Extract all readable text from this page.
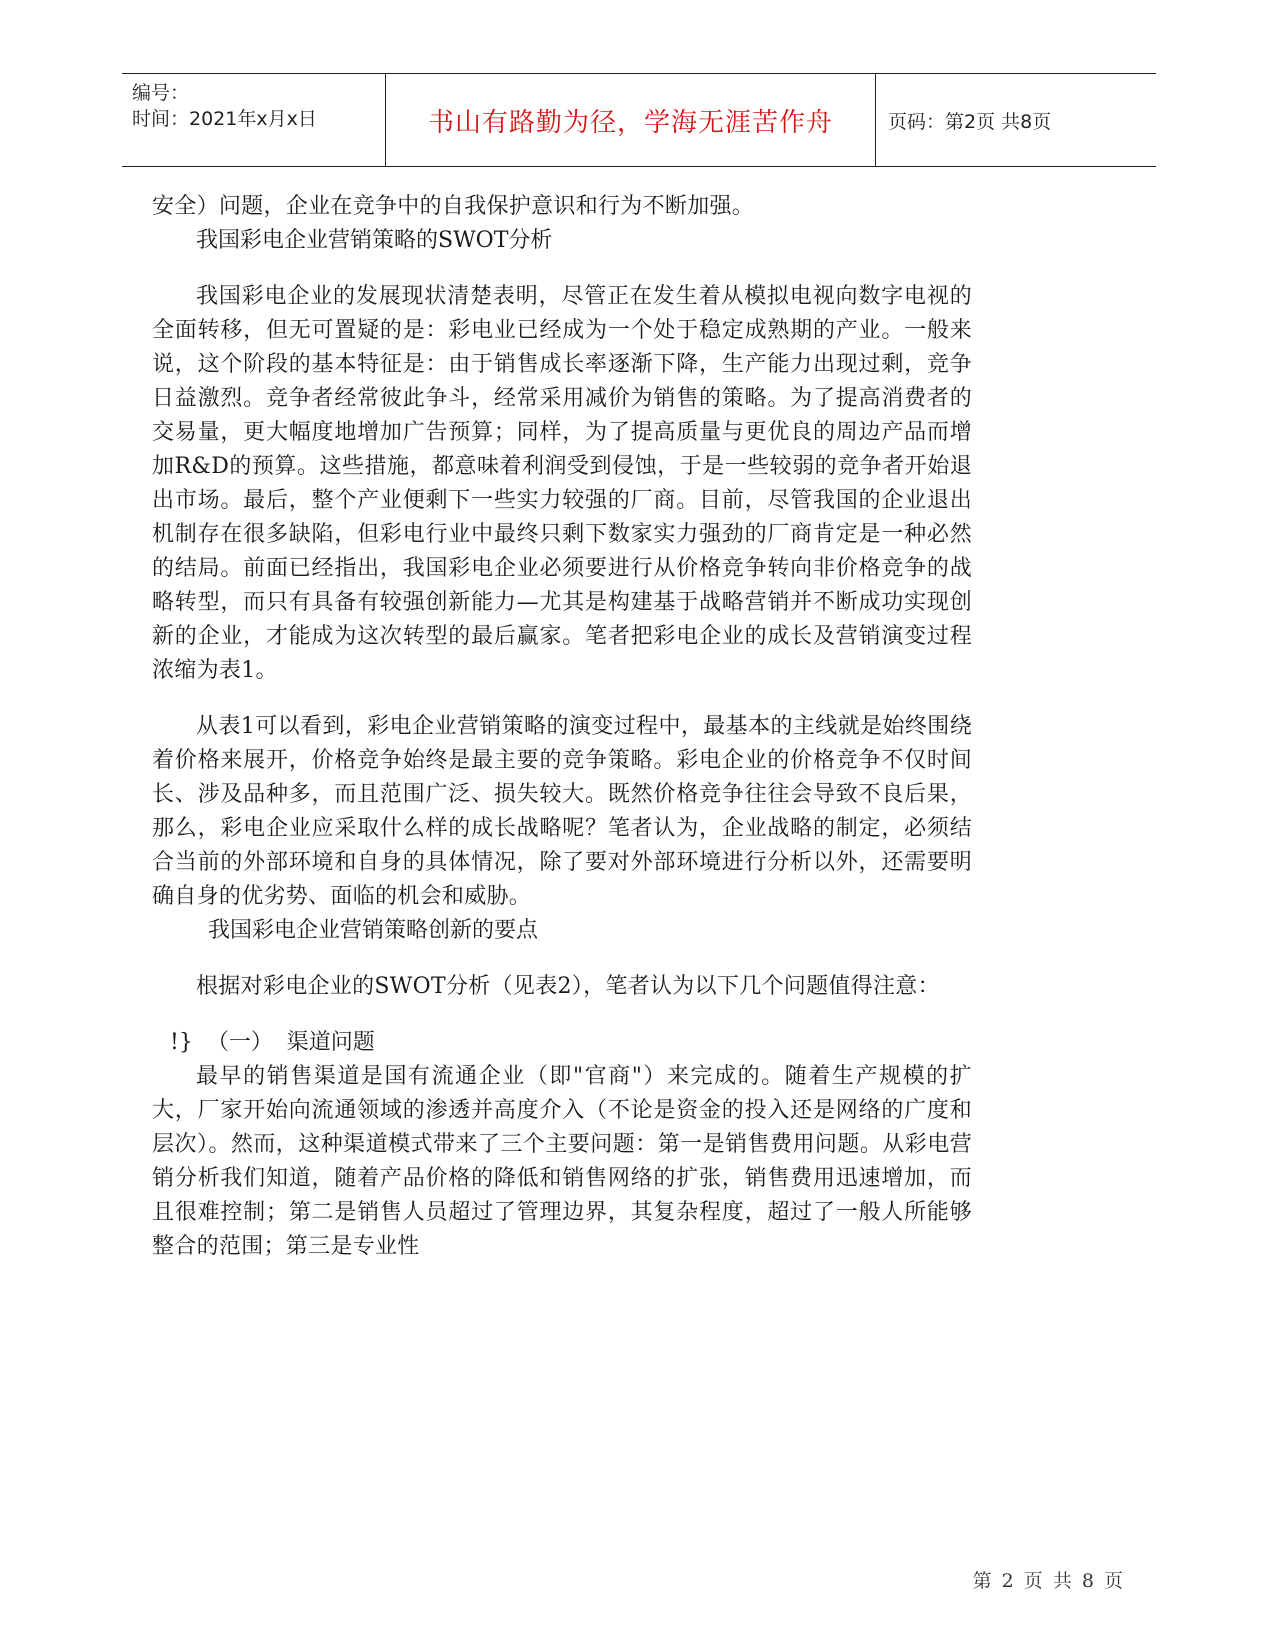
编号：
时间：2021年x月x日	书山有路勤为径，学海无涯苦作舟	页码：第2页 共8页

安全）问题，企业在竞争中的自我保护意识和行为不断加强。

我国彩电企业营销策略的SWOT分析

我国彩电企业的发展现状清楚表明，尽管正在发生着从模拟电视向数字电视的全面转移，但无可置疑的是：彩电业已经成为一个处于稳定成熟期的产业。一般来说，这个阶段的基本特征是：由于销售成长率逐渐下降，生产能力出现过剩，竞争日益激烈。竞争者经常彼此争斗，经常采用减价为销售的策略。为了提高消费者的交易量，更大幅度地增加广告预算；同样，为了提高质量与更优良的周边产品而增加R&D的预算。这些措施，都意味着利润受到侵蚀，于是一些较弱的竞争者开始退出市场。最后，整个产业便剩下一些实力较强的厂商。目前，尽管我国的企业退出机制存在很多缺陷，但彩电行业中最终只剩下数家实力强劲的厂商肯定是一种必然的结局。前面已经指出，我国彩电企业必须要进行从价格竞争转向非价格竞争的战略转型，而只有具备有较强创新能力—尤其是构建基于战略营销并不断成功实现创新的企业，才能成为这次转型的最后赢家。笔者把彩电企业的成长及营销演变过程浓缩为表1。

从表1可以看到，彩电企业营销策略的演变过程中，最基本的主线就是始终围绕着价格来展开，价格竞争始终是最主要的竞争策略。彩电企业的价格竞争不仅时间长、涉及品种多，而且范围广泛、损失较大。既然价格竞争往往会导致不良后果，那么，彩电企业应采取什么样的成长战略呢？笔者认为，企业战略的制定，必须结合当前的外部环境和自身的具体情况，除了要对外部环境进行分析以外，还需要明确自身的优劣势、面临的机会和威胁。

我国彩电企业营销策略创新的要点

根据对彩电企业的SWOT分析（见表2），笔者认为以下几个问题值得注意：

!}  （一）  渠道问题

最早的销售渠道是国有流通企业（即"官商"）来完成的。随着生产规模的扩大，厂家开始向流通领域的渗透并高度介入（不论是资金的投入还是网络的广度和层次）。然而，这种渠道模式带来了三个主要问题：第一是销售费用问题。从彩电营销分析我们知道，随着产品价格的降低和销售网络的扩张，销售费用迅速增加，而且很难控制；第二是销售人员超过了管理边界，其复杂程度，超过了一般人所能够整合的范围；第三是专业性

第 2 页 共 8 页
